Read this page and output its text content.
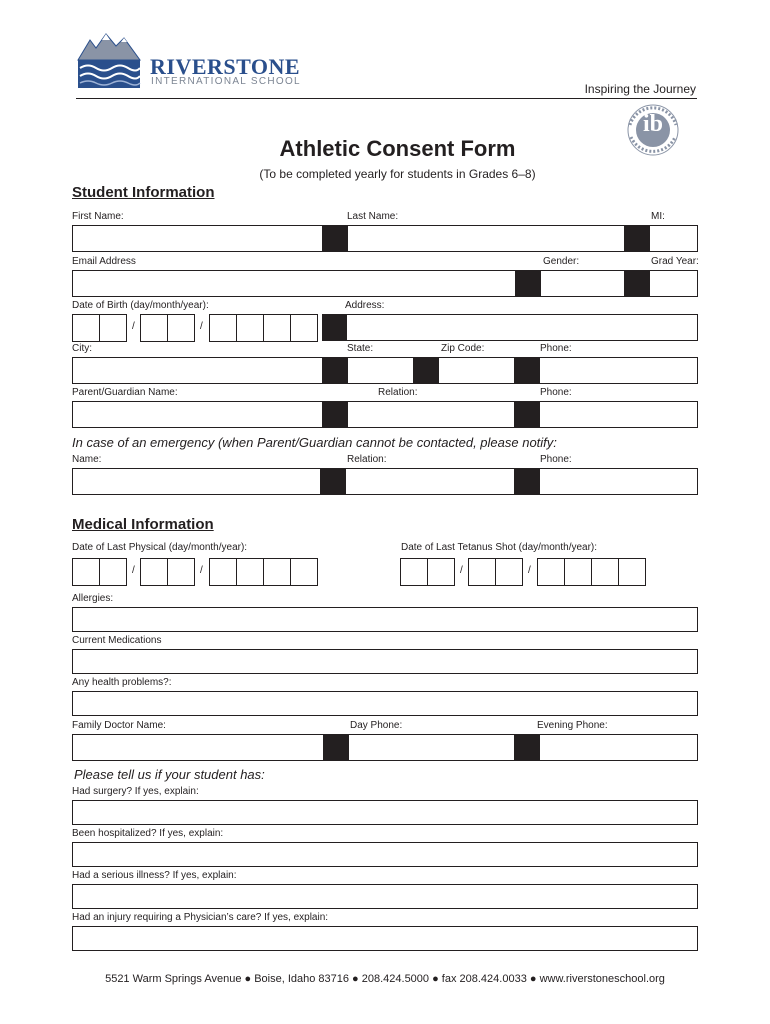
RIVERSTONE
INTERNATIONAL SCHOOL
Inspiring the Journey
ib
Athletic Consent Form
(To be completed yearly for students in Grades 6–8)
Student Information
First Name:	Last Name:	MI:
Email Address	Gender:	Grad Year:
Date of Birth (day/month/year):	Address:
/	/
City:	State:	Zip Code:	Phone:
Parent/Guardian Name:	Relation:	Phone:
In case of an emergency (when Parent/Guardian cannot be contacted, please notify:
Name:	Relation:	Phone:
Medical Information
Date of Last Physical (day/month/year):	Date of Last Tetanus Shot (day/month/year):
/	/	/	/
Allergies:
Current Medications
Any health problems?:
Family Doctor Name:	Day Phone:	Evening Phone:
Please tell us if your student has:
Had surgery? If yes, explain:
Been hospitalized? If yes, explain:
Had a serious illness? If yes, explain:
Had an injury requiring a Physician’s care? If yes, explain:
5521 Warm Springs Avenue ● Boise, Idaho 83716 ● 208.424.5000 ● fax 208.424.0033 ● www.riverstoneschool.org
